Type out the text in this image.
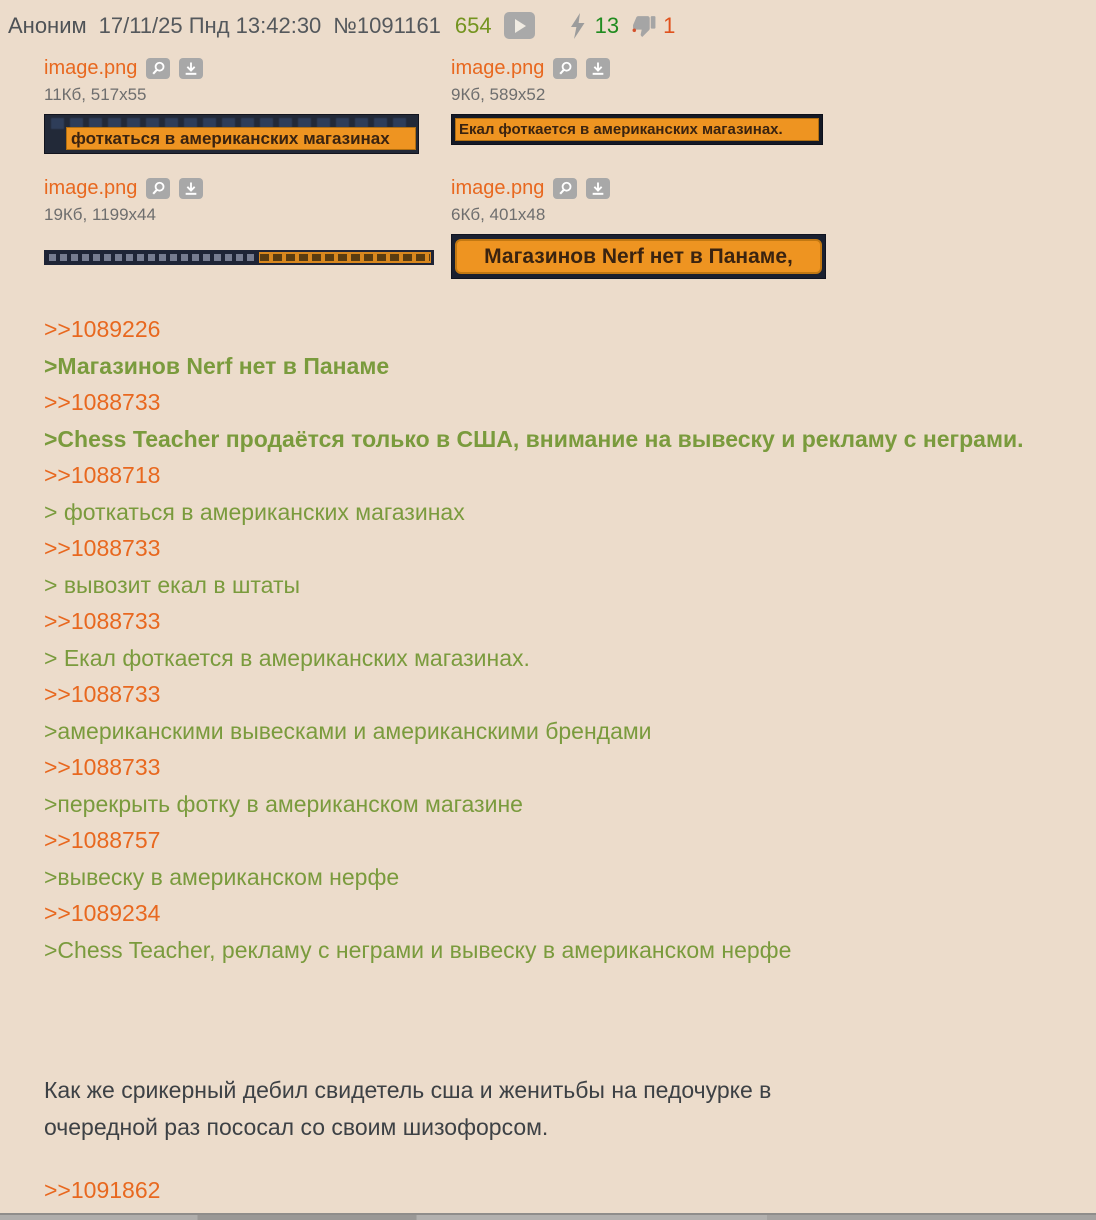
Аноним 17/11/25 Пнд 13:42:30 №1091161 654	13 1
image.png
11Кб, 517x55
фоткаться в американских магазинах
image.png
9Кб, 589x52
Екал фоткается в американских магазинах.
image.png
19Кб, 1199x44
image.png
6Кб, 401x48
Магазинов Nerf нет в Панаме,
>>1089226
>Магазинов Nerf нет в Панаме
>>1088733
>Chess Teacher продаётся только в США, внимание на вывеску и рекламу с неграми.
>>1088718
> фоткаться в американских магазинах
>>1088733
> вывозит екал в штаты
>>1088733
> Екал фоткается в американских магазинах.
>>1088733
>американскими вывесками и американскими брендами
>>1088733
>перекрыть фотку в американском магазине
>>1088757
>вывеску в американском нерфе
>>1089234
>Chess Teacher, рекламу с неграми и вывеску в американском нерфе
Как же срикерный дебил свидетель сша и женитьбы на педочурке в
очередной раз пососал со своим шизофорсом.
>>1091862
